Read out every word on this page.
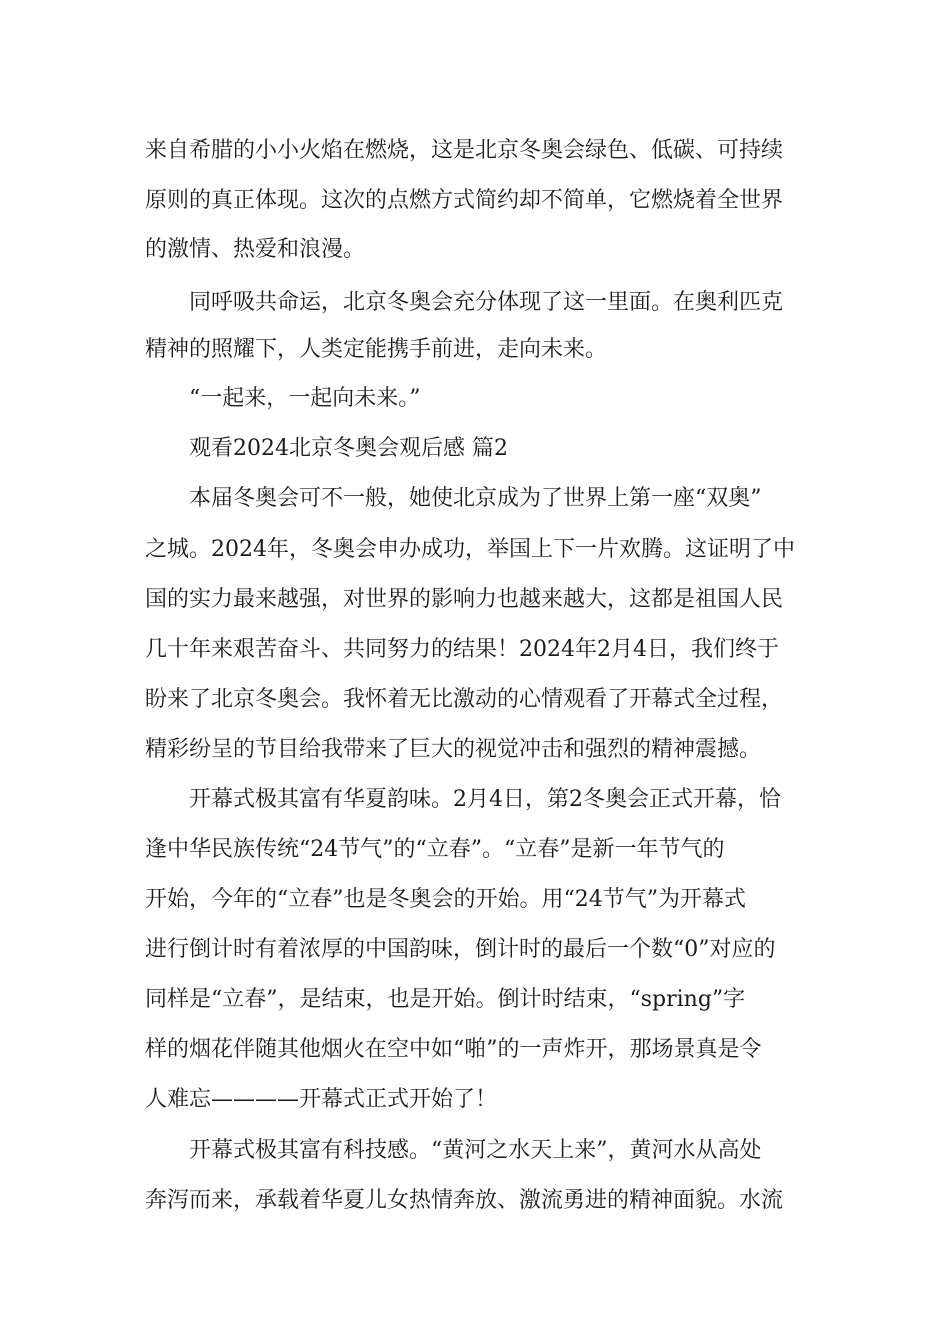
来自希腊的小小火焰在燃烧，这是北京冬奥会绿色、低碳、可持续

原则的真正体现。这次的点燃方式简约却不简单，它燃烧着全世界

的激情、热爱和浪漫。

同呼吸共命运，北京冬奥会充分体现了这一里面。在奥利匹克

精神的照耀下，人类定能携手前进，走向未来。

“一起来，一起向未来。”

观看2024北京冬奥会观后感 篇2

本届冬奥会可不一般，她使北京成为了世界上第一座“双奥”

之城。2024年，冬奥会申办成功，举国上下一片欢腾。这证明了中

国的实力最来越强，对世界的影响力也越来越大，这都是祖国人民

几十年来艰苦奋斗、共同努力的结果！2024年2月4日，我们终于

盼来了北京冬奥会。我怀着无比激动的心情观看了开幕式全过程，

精彩纷呈的节目给我带来了巨大的视觉冲击和强烈的精神震撼。

开幕式极其富有华夏韵味。2月4日，第2冬奥会正式开幕，恰

逢中华民族传统“24节气”的“立春”。“立春”是新一年节气的

开始，今年的“立春”也是冬奥会的开始。用“24节气”为开幕式

进行倒计时有着浓厚的中国韵味，倒计时的最后一个数“0”对应的

同样是“立春”，是结束，也是开始。倒计时结束，“spring”字

样的烟花伴随其他烟火在空中如“啪”的一声炸开，那场景真是令

人难忘————开幕式正式开始了！

开幕式极其富有科技感。“黄河之水天上来”，黄河水从高处

奔泻而来，承载着华夏儿女热情奔放、激流勇进的精神面貌。水流
